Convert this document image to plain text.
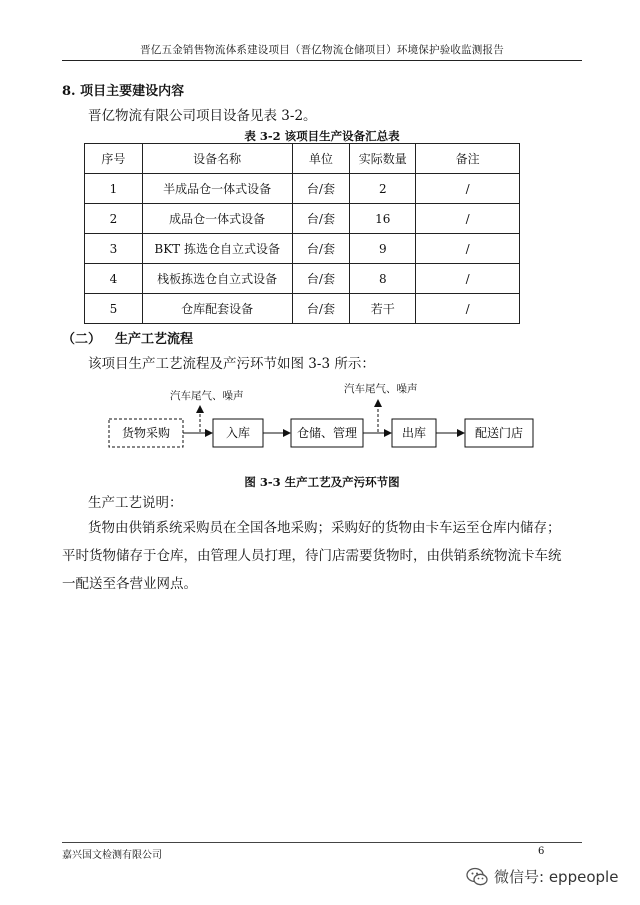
晋亿五金销售物流体系建设项目（晋亿物流仓储项目）环境保护验收监测报告
8. 项目主要建设内容
晋亿物流有限公司项目设备见表 3-2。
表 3-2 该项目生产设备汇总表
序号	设备名称	单位	实际数量	备注
1	半成品仓一体式设备	台/套	2	/
2	成品仓一体式设备	台/套	16	/
3	BKT 拣选仓自立式设备	台/套	9	/
4	栈板拣选仓自立式设备	台/套	8	/
5	仓库配套设备	台/套	若干	/
（二） 生产工艺流程
该项目生产工艺流程及产污环节如图 3-3 所示：
汽车尾气、噪声
汽车尾气、噪声
货物采购	入库	仓储、管理	出库	配送门店
图 3-3 生产工艺及产污环节图
生产工艺说明：
货物由供销系统采购员在全国各地采购；采购好的货物由卡车运至仓库内储存；
平时货物储存于仓库，由管理人员打理，待门店需要货物时，由供销系统物流卡车统
一配送至各营业网点。
嘉兴国文检测有限公司	6
微信号: eppeople
